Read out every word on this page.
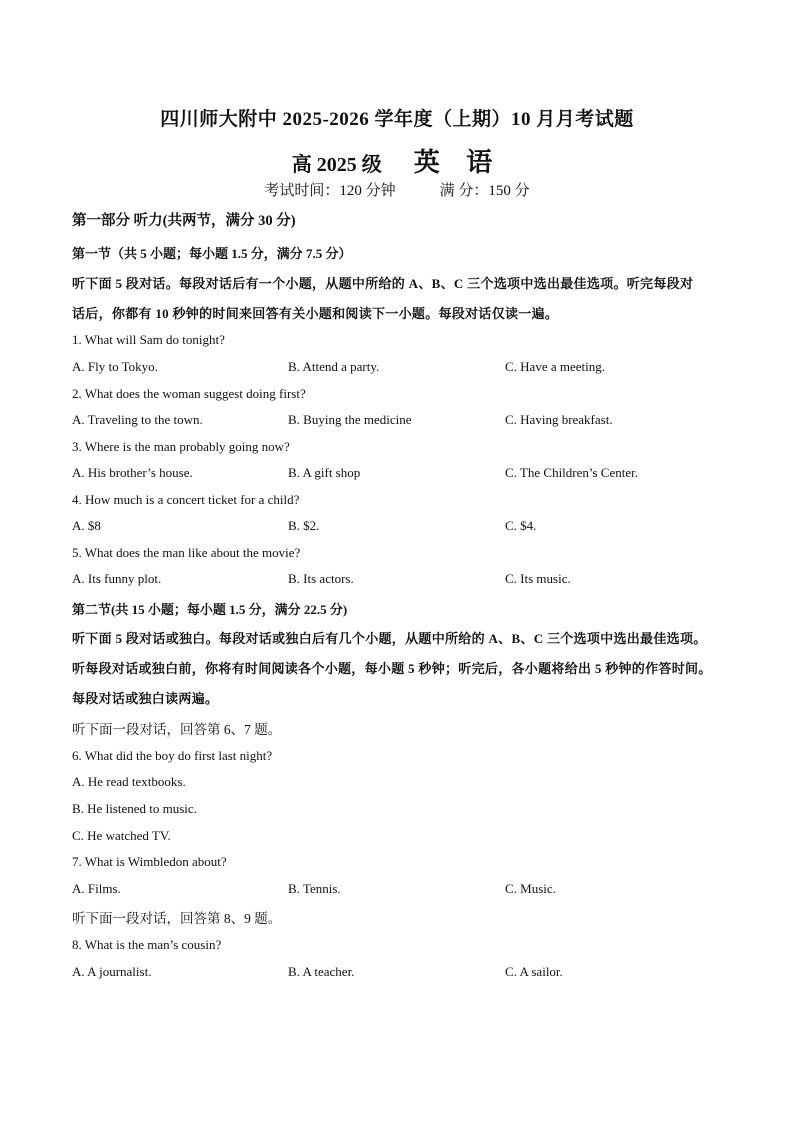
四川师大附中 2025-2026 学年度（上期）10 月月考试题
高 2025 级 英 语
考试时间：120 分钟	满 分：150 分
第一部分 听力(共两节，满分 30 分)
第一节（共 5 小题；每小题 1.5 分，满分 7.5 分）
听下面 5 段对话。每段对话后有一个小题，从题中所给的 A、B、C 三个选项中选出最佳选项。听完每段对
话后，你都有 10 秒钟的时间来回答有关小题和阅读下一小题。每段对话仅读一遍。
1. What will Sam do tonight?
A. Fly to Tokyo.	B. Attend a party.	C. Have a meeting.
2. What does the woman suggest doing first?
A. Traveling to the town.	B. Buying the medicine	C. Having breakfast.
3. Where is the man probably going now?
A. His brother’s house.	B. A gift shop	C. The Children’s Center.
4. How much is a concert ticket for a child?
A. $8	B. $2.	C. $4.
5. What does the man like about the movie?
A. Its funny plot.	B. Its actors.	C. Its music.
第二节(共 15 小题；每小题 1.5 分，满分 22.5 分)
听下面 5 段对话或独白。每段对话或独白后有几个小题，从题中所给的 A、B、C 三个选项中选出最佳选项。
听每段对话或独白前，你将有时间阅读各个小题，每小题 5 秒钟；听完后，各小题将给出 5 秒钟的作答时间。
每段对话或独白读两遍。
听下面一段对话，回答第 6、7 题。
6. What did the boy do first last night?
A. He read textbooks.
B. He listened to music.
C. He watched TV.
7. What is Wimbledon about?
A. Films.	B. Tennis.	C. Music.
听下面一段对话，回答第 8、9 题。
8. What is the man’s cousin?
A. A journalist.	B. A teacher.	C. A sailor.
